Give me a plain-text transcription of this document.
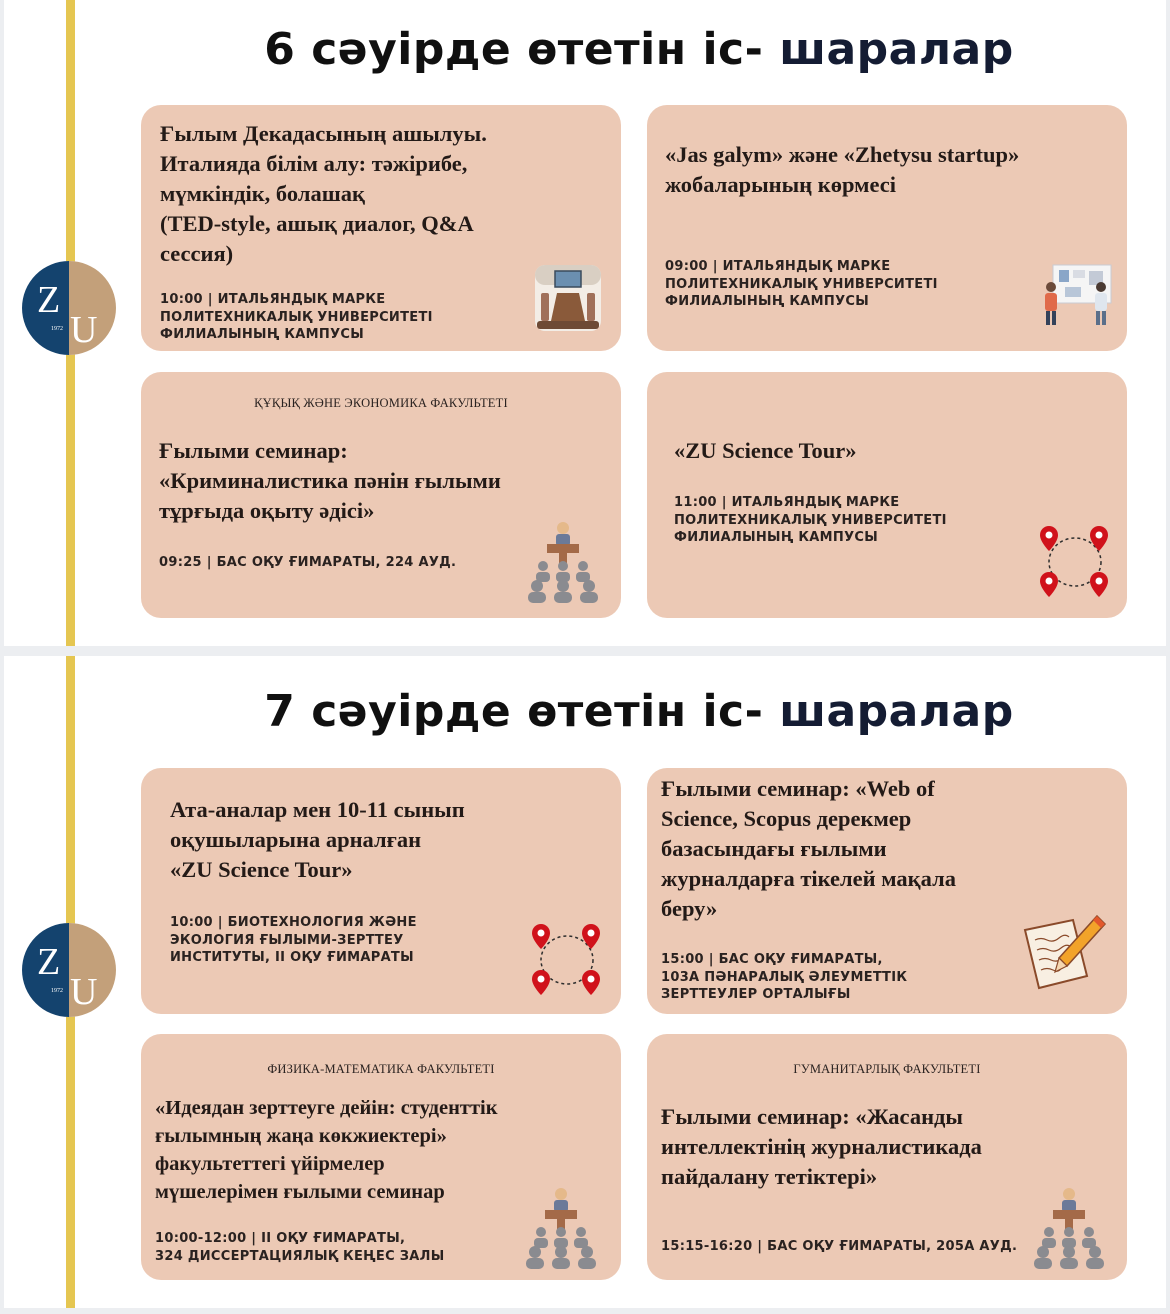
Z
U
1972
6 сәуірде өтетін іс- шаралар
Ғылым Декадасының ашылуы.
Италияда білім алу: тәжірибе,
мүмкіндік, болашақ
(TED-style, ашық диалог, Q&A
сессия)
10:00 | ИТАЛЬЯНДЫҚ МАРКЕ
ПОЛИТЕХНИКАЛЫҚ УНИВЕРСИТЕТІ
ФИЛИАЛЫНЫҢ КАМПУСЫ
«Jas galym» және «Zhetysu startup»
жобаларының көрмесі
09:00 | ИТАЛЬЯНДЫҚ МАРКЕ
ПОЛИТЕХНИКАЛЫҚ УНИВЕРСИТЕТІ
ФИЛИАЛЫНЫҢ КАМПУСЫ
ҚҰҚЫҚ ЖӘНЕ ЭКОНОМИКА ФАКУЛЬТЕТІ
Ғылыми семинар:
«Криминалистика пәнін ғылыми
тұрғыда оқыту әдісі»
09:25 | БАС ОҚУ ҒИМАРАТЫ, 224 АУД.
«ZU Science Tour»
11:00 | ИТАЛЬЯНДЫҚ МАРКЕ
ПОЛИТЕХНИКАЛЫҚ УНИВЕРСИТЕТІ
ФИЛИАЛЫНЫҢ КАМПУСЫ
Z
U
1972
7 сәуірде өтетін іс- шаралар
Ата-аналар мен 10-11 сынып
оқушыларына арналған
«ZU Science Tour»
10:00 | БИОТЕХНОЛОГИЯ ЖӘНЕ
ЭКОЛОГИЯ ҒЫЛЫМИ-ЗЕРТТЕУ
ИНСТИТУТЫ, ІІ ОҚУ ҒИМАРАТЫ
Ғылыми семинар: «Web of
Science, Scopus дерекмер
базасындағы ғылыми
журналдарға тікелей мақала
беру»
15:00 | БАС ОҚУ ҒИМАРАТЫ,
103А ПӘНАРАЛЫҚ ӘЛЕУМЕТТІК
ЗЕРТТЕУЛЕР ОРТАЛЫҒЫ
ФИЗИКА-МАТЕМАТИКА ФАКУЛЬТЕТІ
«Идеядан зерттеуге дейін: студенттік
ғылымның жаңа көкжиектері»
факультеттегі үйірмелер
мүшелерімен ғылыми семинар
10:00-12:00 | ІІ ОҚУ ҒИМАРАТЫ,
324 ДИССЕРТАЦИЯЛЫҚ КЕҢЕС ЗАЛЫ
ГУМАНИТАРЛЫҚ ФАКУЛЬТЕТІ
Ғылыми семинар: «Жасанды
интеллектінің журналистикада
пайдалану тетіктері»
15:15-16:20 | БАС ОҚУ ҒИМАРАТЫ, 205А АУД.
